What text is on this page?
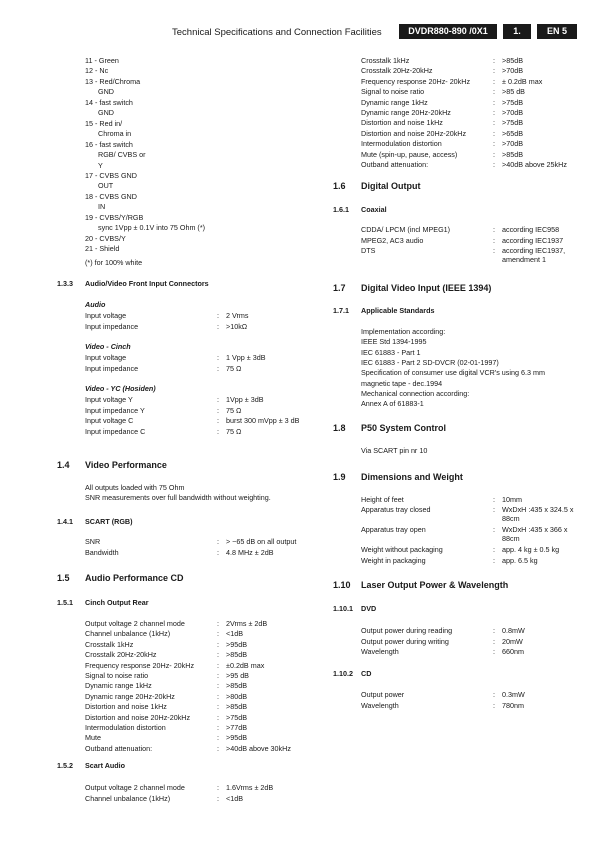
Technical Specifications and Connection Facilities	DVDR880-890 /0X1	1.	EN 5
11 - Green
12 - Nc
13 - Red/Chroma
GND
14 - fast switch
GND
15 - Red in/
Chroma in
16 - fast switch
RGB/ CVBS or
Y
17 - CVBS GND
OUT
18 - CVBS GND
IN
19 - CVBS/Y/RGB
sync 1Vpp ± 0.1V into 75 Ohm (*)
20 - CVBS/Y
21 - Shield
(*) for 100% white
1.3.3 Audio/Video Front Input Connectors
Audio
Input voltage	: 2 Vrms
Input impedance	: >10kΩ
Video - Cinch
Input voltage	: 1 Vpp ± 3dB
Input impedance	: 75 Ω
Video - YC (Hosiden)
Input voltage Y	: 1Vpp ± 3dB
Input impedance Y	: 75 Ω
Input voltage C	: burst 300 mVpp ± 3 dB
Input impedance C	: 75 Ω
1.4 Video Performance
All outputs loaded with 75 Ohm
SNR measurements over full bandwidth without weighting.
1.4.1 SCART (RGB)
SNR	: > ~65 dB on all output
Bandwidth	: 4.8 MHz ± 2dB
1.5 Audio Performance CD
1.5.1 Cinch Output Rear
Output voltage 2 channel mode	: 2Vrms ± 2dB
Channel unbalance (1kHz)	: <1dB
Crosstalk 1kHz	: >95dB
Crosstalk 20Hz-20kHz	: >85dB
Frequency response 20Hz- 20kHz	: ±0.2dB max
Signal to noise ratio	: >95 dB
Dynamic range 1kHz	: >85dB
Dynamic range 20Hz-20kHz	: >80dB
Distortion and noise 1kHz	: >85dB
Distortion and noise 20Hz-20kHz	: >75dB
Intermodulation distortion	: >77dB
Mute	: >95dB
Outband attenuation:	: >40dB above 30kHz
1.5.2 Scart Audio
Output voltage 2 channel mode	: 1.6Vrms ± 2dB
Channel unbalance (1kHz)	: <1dB
Crosstalk 1kHz	: >85dB
Crosstalk 20Hz-20kHz	: >70dB
Frequency response 20Hz- 20kHz	: ± 0.2dB max
Signal to noise ratio	: >85 dB
Dynamic range 1kHz	: >75dB
Dynamic range 20Hz-20kHz	: >70dB
Distortion and noise 1kHz	: >75dB
Distortion and noise 20Hz-20kHz	: >65dB
Intermodulation distortion	: >70dB
Mute (spin-up, pause, access)	: >85dB
Outband attenuation:	: >40dB above 25kHz
1.6 Digital Output
1.6.1 Coaxial
CDDA/ LPCM (incl MPEG1)	: according IEC958
MPEG2, AC3 audio	: according IEC1937
DTS	: according IEC1937, amendment 1
1.7 Digital Video Input (IEEE 1394)
1.7.1 Applicable Standards
Implementation according:
IEEE Std 1394-1995
IEC 61883 - Part 1
IEC 61883 - Part 2 SD-DVCR (02-01-1997)
Specification of consumer use digital VCR's using 6.3 mm
magnetic tape - dec.1994
Mechanical connection according:
Annex A of 61883-1
1.8 P50 System Control
Via SCART pin nr 10
1.9 Dimensions and Weight
Height of feet	: 10mm
Apparatus tray closed	: WxDxH :435 x 324.5 x 88cm
Apparatus tray open	: WxDxH :435 x 366 x 88cm
Weight without packaging	: app. 4 kg ± 0.5 kg
Weight in packaging	: app. 6.5 kg
1.10 Laser Output Power & Wavelength
1.10.1 DVD
Output power during reading	: 0.8mW
Output power during writing	: 20mW
Wavelength	: 660nm
1.10.2 CD
Output power	: 0.3mW
Wavelength	: 780nm
